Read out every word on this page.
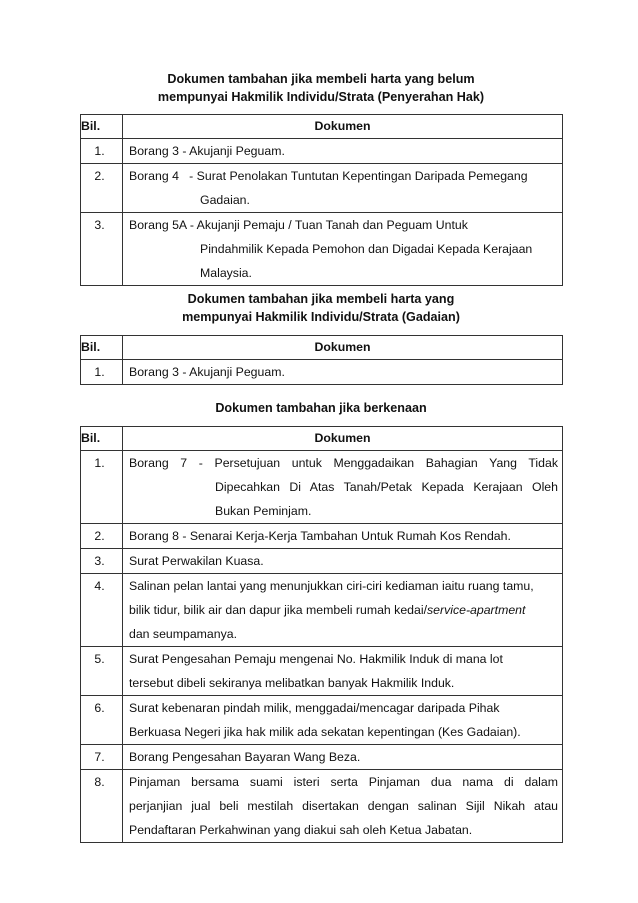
Dokumen tambahan jika membeli harta yang belum
mempunyai Hakmilik Individu/Strata (Penyerahan Hak)
Bil.	Dokumen

1.	Borang 3 - Akujanji Peguam.

2.	Borang 4   - Surat Penolakan Tuntutan Kepentingan Daripada Pemegang
Gadaian.

3.	Borang 5A - Akujanji Pemaju / Tuan Tanah dan Peguam Untuk
Pindahmilik Kepada Pemohon dan Digadai Kepada Kerajaan
Malaysia.
Dokumen tambahan jika membeli harta yang
mempunyai Hakmilik Individu/Strata (Gadaian)
Bil.	Dokumen

1.	Borang 3 - Akujanji Peguam.
Dokumen tambahan jika berkenaan
Bil.	Dokumen

1.	Borang 7 - Persetujuan untuk Menggadaikan Bahagian Yang Tidak
Dipecahkan Di Atas Tanah/Petak Kepada Kerajaan Oleh
Bukan Peminjam.

2.	Borang 8 - Senarai Kerja-Kerja Tambahan Untuk Rumah Kos Rendah.

3.	Surat Perwakilan Kuasa.

4.	Salinan pelan lantai yang menunjukkan ciri-ciri kediaman iaitu ruang tamu,
bilik tidur, bilik air dan dapur jika membeli rumah kedai/service-apartment
dan seumpamanya.

5.	Surat Pengesahan Pemaju mengenai No. Hakmilik Induk di mana lot
tersebut dibeli sekiranya melibatkan banyak Hakmilik Induk.

6.	Surat kebenaran pindah milik, menggadai/mencagar daripada Pihak
Berkuasa Negeri jika hak milik ada sekatan kepentingan (Kes Gadaian).

7.	Borang Pengesahan Bayaran Wang Beza.

8.	Pinjaman bersama suami isteri serta Pinjaman dua nama di dalam
perjanjian jual beli mestilah disertakan dengan salinan Sijil Nikah atau
Pendaftaran Perkahwinan yang diakui sah oleh Ketua Jabatan.
